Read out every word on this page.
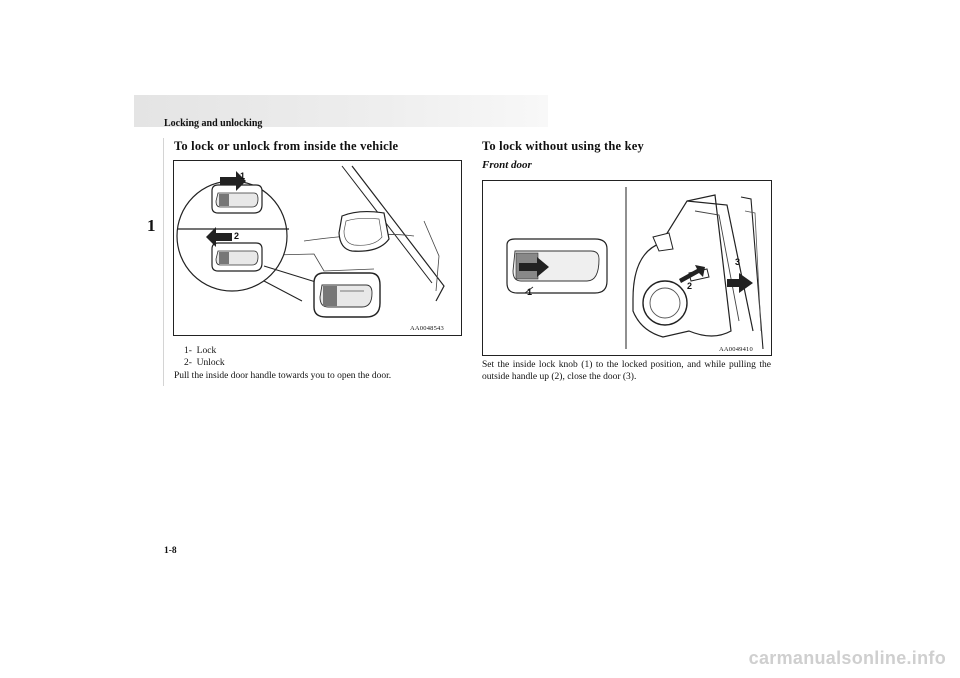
Locking and unlocking
1
To lock or unlock from inside the vehicle
AA0048543
1
2
1- Lock
2- Unlock
Pull the inside door handle towards you to open the door.
To lock without using the key
Front door
AA0049410
1
2
3
Set the inside lock knob (1) to the locked position, and while pulling the outside handle up (2), close the door (3).
1-8
carmanualsonline.info
